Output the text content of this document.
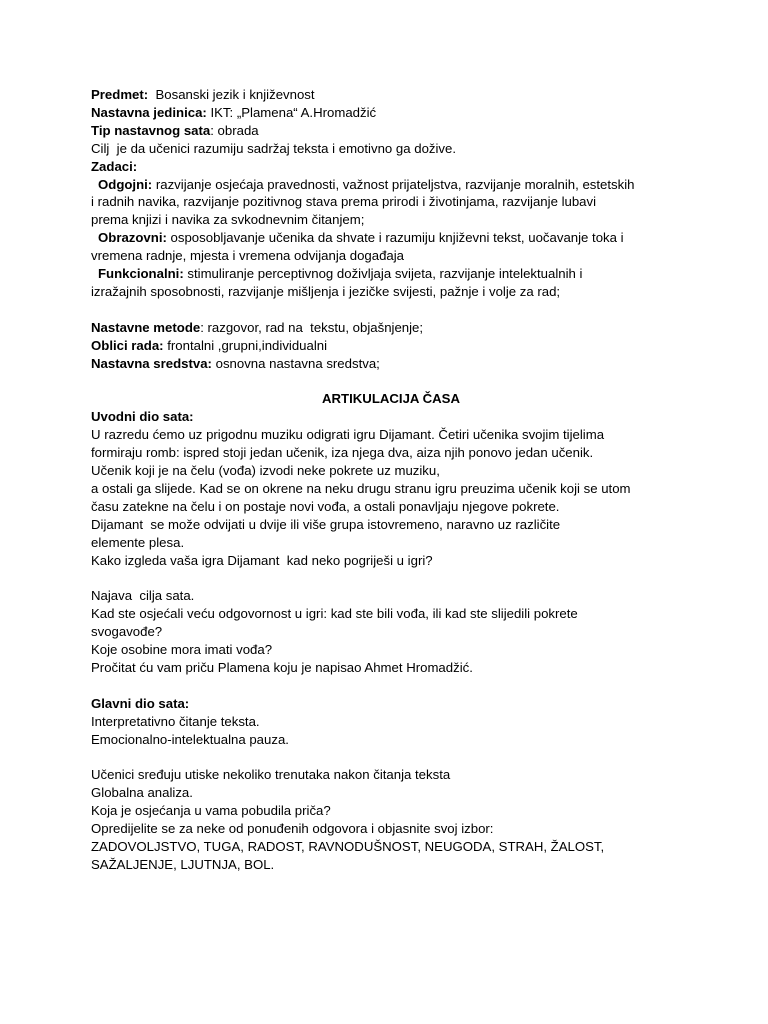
Predmet:  Bosanski jezik i književnost
Nastavna jedinica: IKT: „Plamena“ A.Hromadžić
Tip nastavnog sata: obrada
Cilj  je da učenici razumiju sadržaj teksta i emotivno ga dožive.
Zadaci:
Odgojni: razvijanje osjećaja pravednosti, važnost prijateljstva, razvijanje moralnih, estetskih
i radnih navika, razvijanje pozitivnog stava prema prirodi i životinjama, razvijanje lubavi
prema knjizi i navika za svkodnevnim čitanjem;
Obrazovni: osposobljavanje učenika da shvate i razumiju književni tekst, uočavanje toka i
vremena radnje, mjesta i vremena odvijanja događaja
Funkcionalni: stimuliranje perceptivnog doživljaja svijeta, razvijanje intelektualnih i
izražajnih sposobnosti, razvijanje mišljenja i jezičke svijesti, pažnje i volje za rad;
Nastavne metode: razgovor, rad na  tekstu, objašnjenje;
Oblici rada: frontalni ,grupni,individualni
Nastavna sredstva: osnovna nastavna sredstva;
ARTIKULACIJA ČASA
Uvodni dio sata:
U razredu ćemo uz prigodnu muziku odigrati igru Dijamant. Četiri učenika svojim tijelima
formiraju romb: ispred stoji jedan učenik, iza njega dva, aiza njih ponovo jedan učenik.
Učenik koji je na čelu (vođa) izvodi neke pokrete uz muziku,
a ostali ga slijede. Kad se on okrene na neku drugu stranu igru preuzima učenik koji se utom
času zatekne na čelu i on postaje novi vođa, a ostali ponavljaju njegove pokrete.
Dijamant  se može odvijati u dvije ili više grupa istovremeno, naravno uz različite
elemente plesa.
Kako izgleda vaša igra Dijamant  kad neko pogriješi u igri?
Najava  cilja sata.
Kad ste osjećali veću odgovornost u igri: kad ste bili vođa, ili kad ste slijedili pokrete
svogavođe?
Koje osobine mora imati vođa?
Pročitat ću vam priču Plamena koju je napisao Ahmet Hromadžić.
Glavni dio sata:
Interpretativno čitanje teksta.
Emocionalno-intelektualna pauza.
Učenici sređuju utiske nekoliko trenutaka nakon čitanja teksta
Globalna analiza.
Koja je osjećanja u vama pobudila priča?
Opredijelite se za neke od ponuđenih odgovora i objasnite svoj izbor:
ZADOVOLJSTVO, TUGA, RADOST, RAVNODUŠNOST, NEUGODA, STRAH, ŽALOST,
SAŽALJENJE, LJUTNJA, BOL.
